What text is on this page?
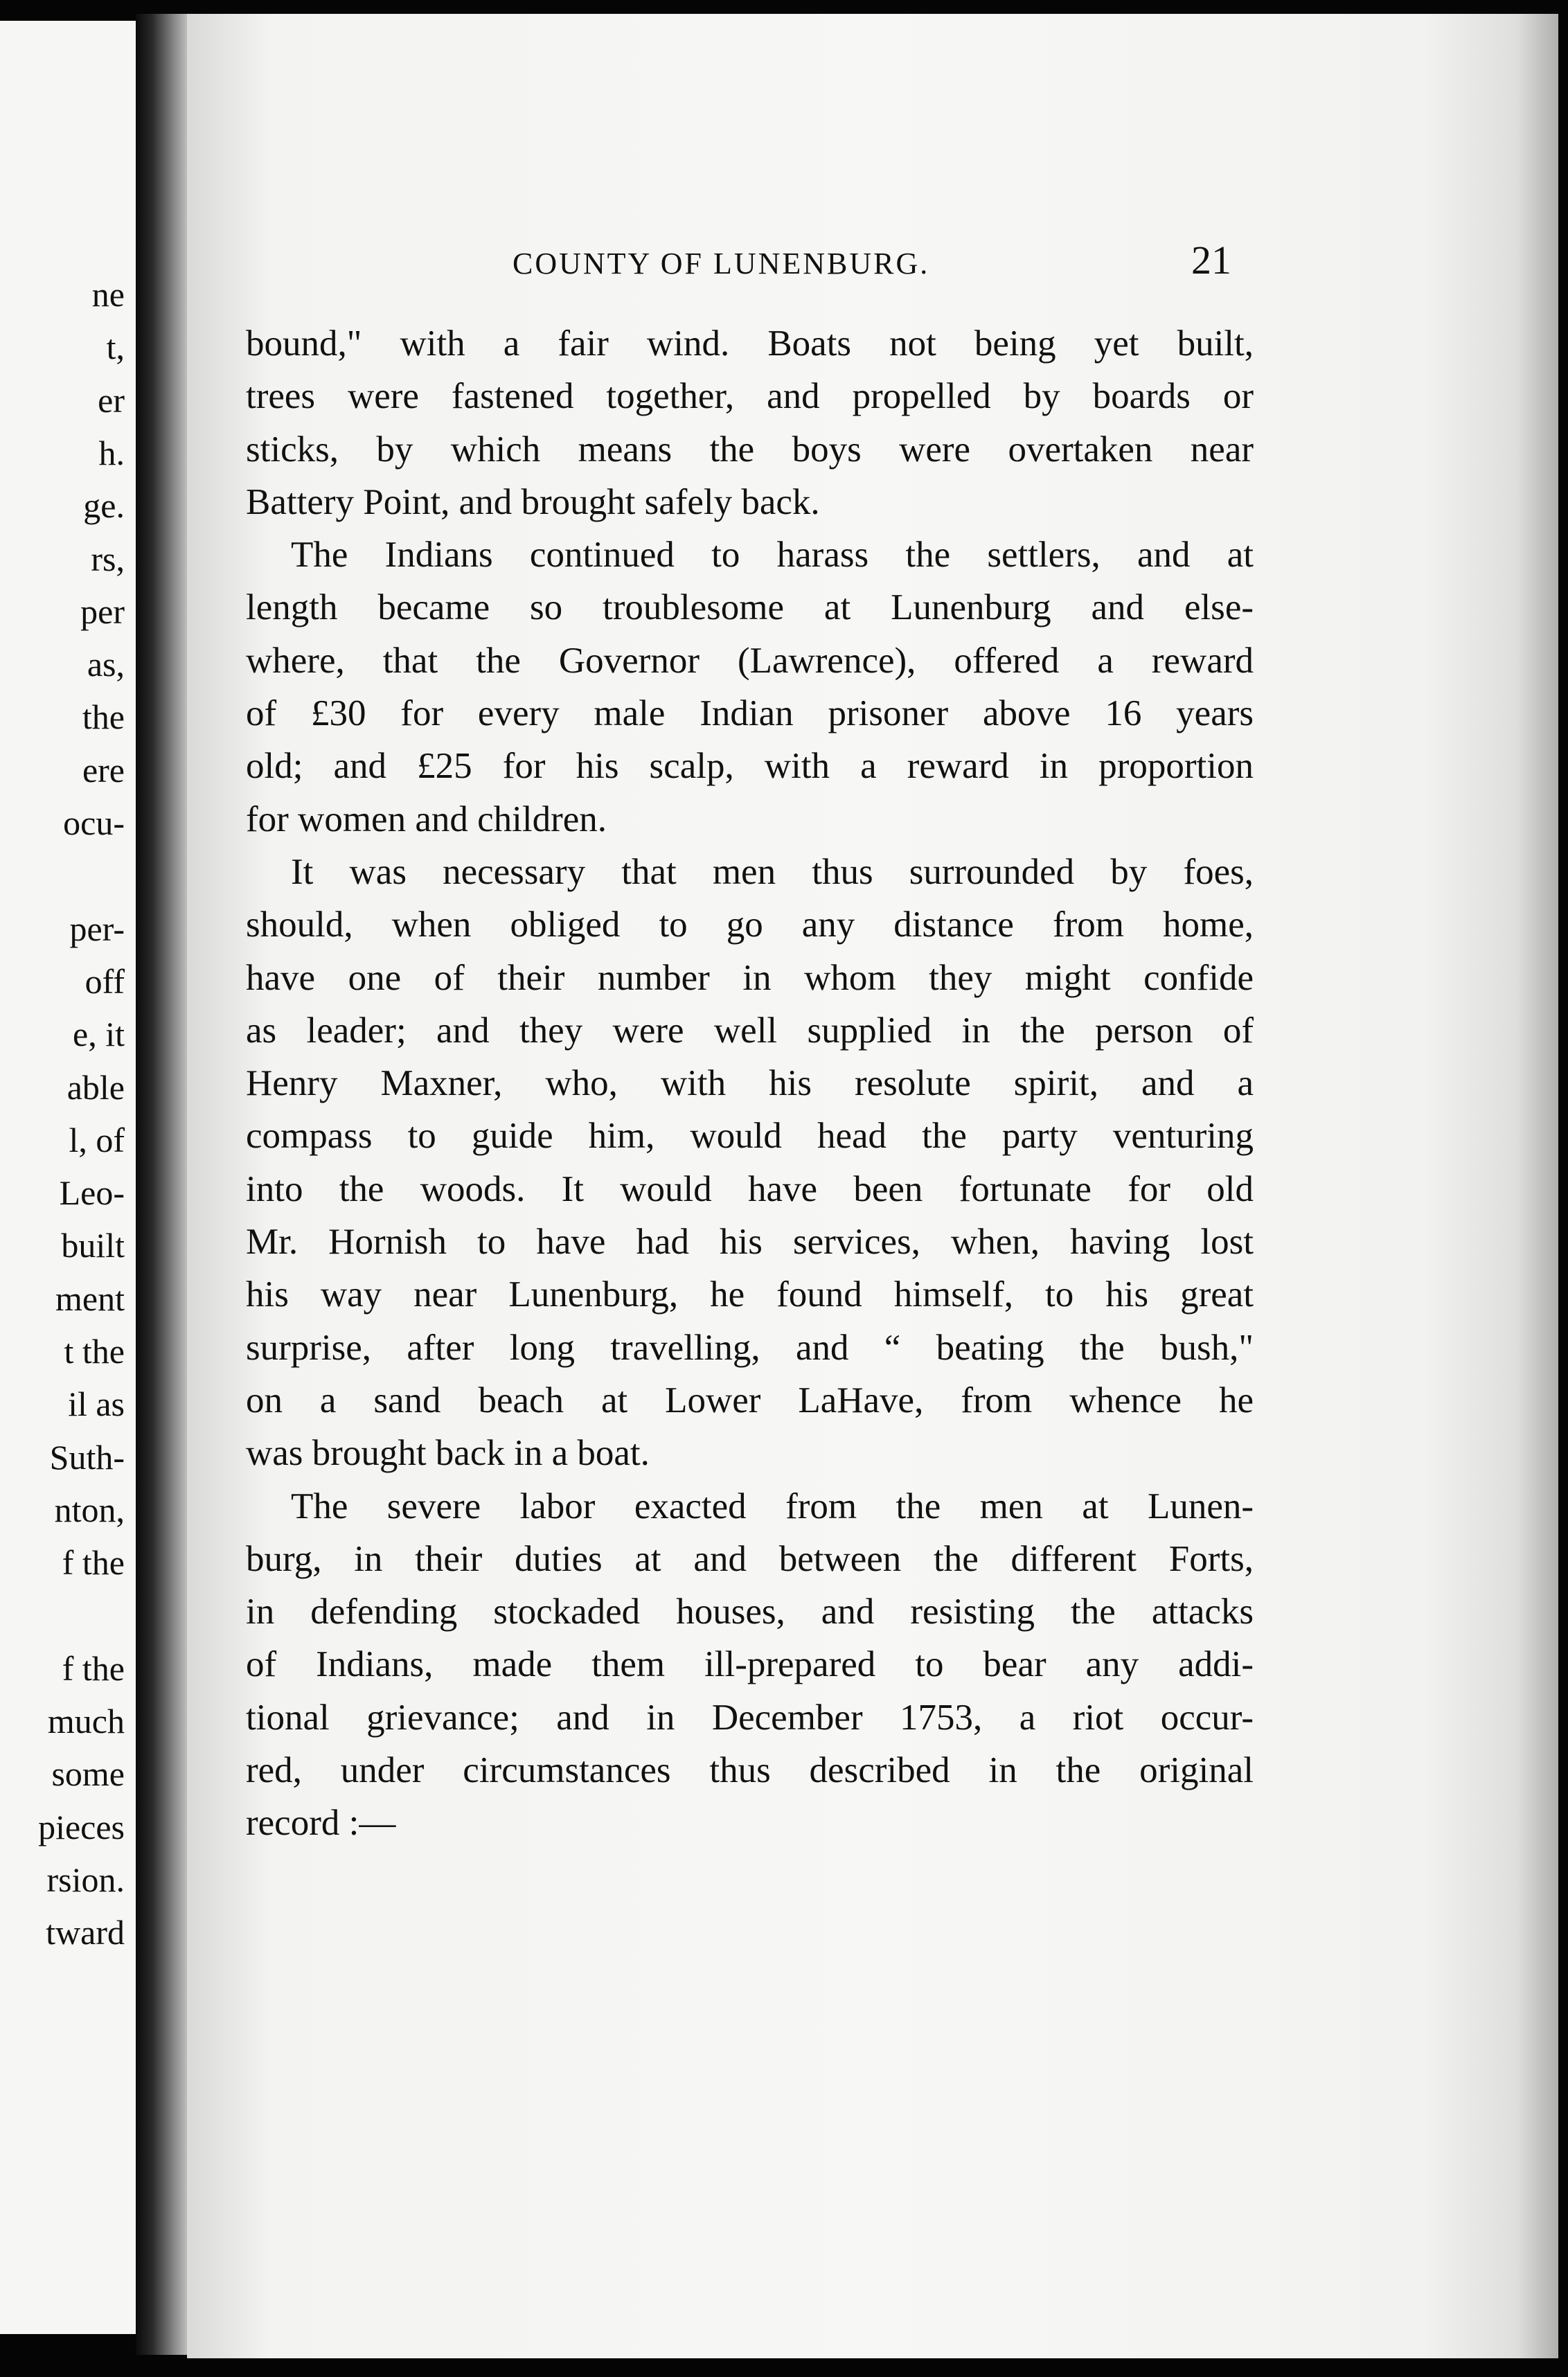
ne
t,
er
h.
ge.
rs,
per
as,
the
ere
ocu-
per-
off
e, it
able
l, of
Leo-
built
ment
t the
il as
Suth-
nton,
f the
f the
much
some
pieces
rsion.
tward
COUNTY OF LUNENBURG.	21
bound," with a fair wind. Boats not being yet built,
trees were fastened together, and propelled by boards or
sticks, by which means the boys were overtaken near
Battery Point, and brought safely back.
The Indians continued to harass the settlers, and at
length became so troublesome at Lunenburg and else-
where, that the Governor (Lawrence), offered a reward
of £30 for every male Indian prisoner above 16 years
old; and £25 for his scalp, with a reward in proportion
for women and children.
It was necessary that men thus surrounded by foes,
should, when obliged to go any distance from home,
have one of their number in whom they might confide
as leader; and they were well supplied in the person of
Henry Maxner, who, with his resolute spirit, and a
compass to guide him, would head the party venturing
into the woods. It would have been fortunate for old
Mr. Hornish to have had his services, when, having lost
his way near Lunenburg, he found himself, to his great
surprise, after long travelling, and “ beating the bush,"
on a sand beach at Lower LaHave, from whence he
was brought back in a boat.
The severe labor exacted from the men at Lunen-
burg, in their duties at and between the different Forts,
in defending stockaded houses, and resisting the attacks
of Indians, made them ill-prepared to bear any addi-
tional grievance; and in December 1753, a riot occur-
red, under circumstances thus described in the original
record :—
